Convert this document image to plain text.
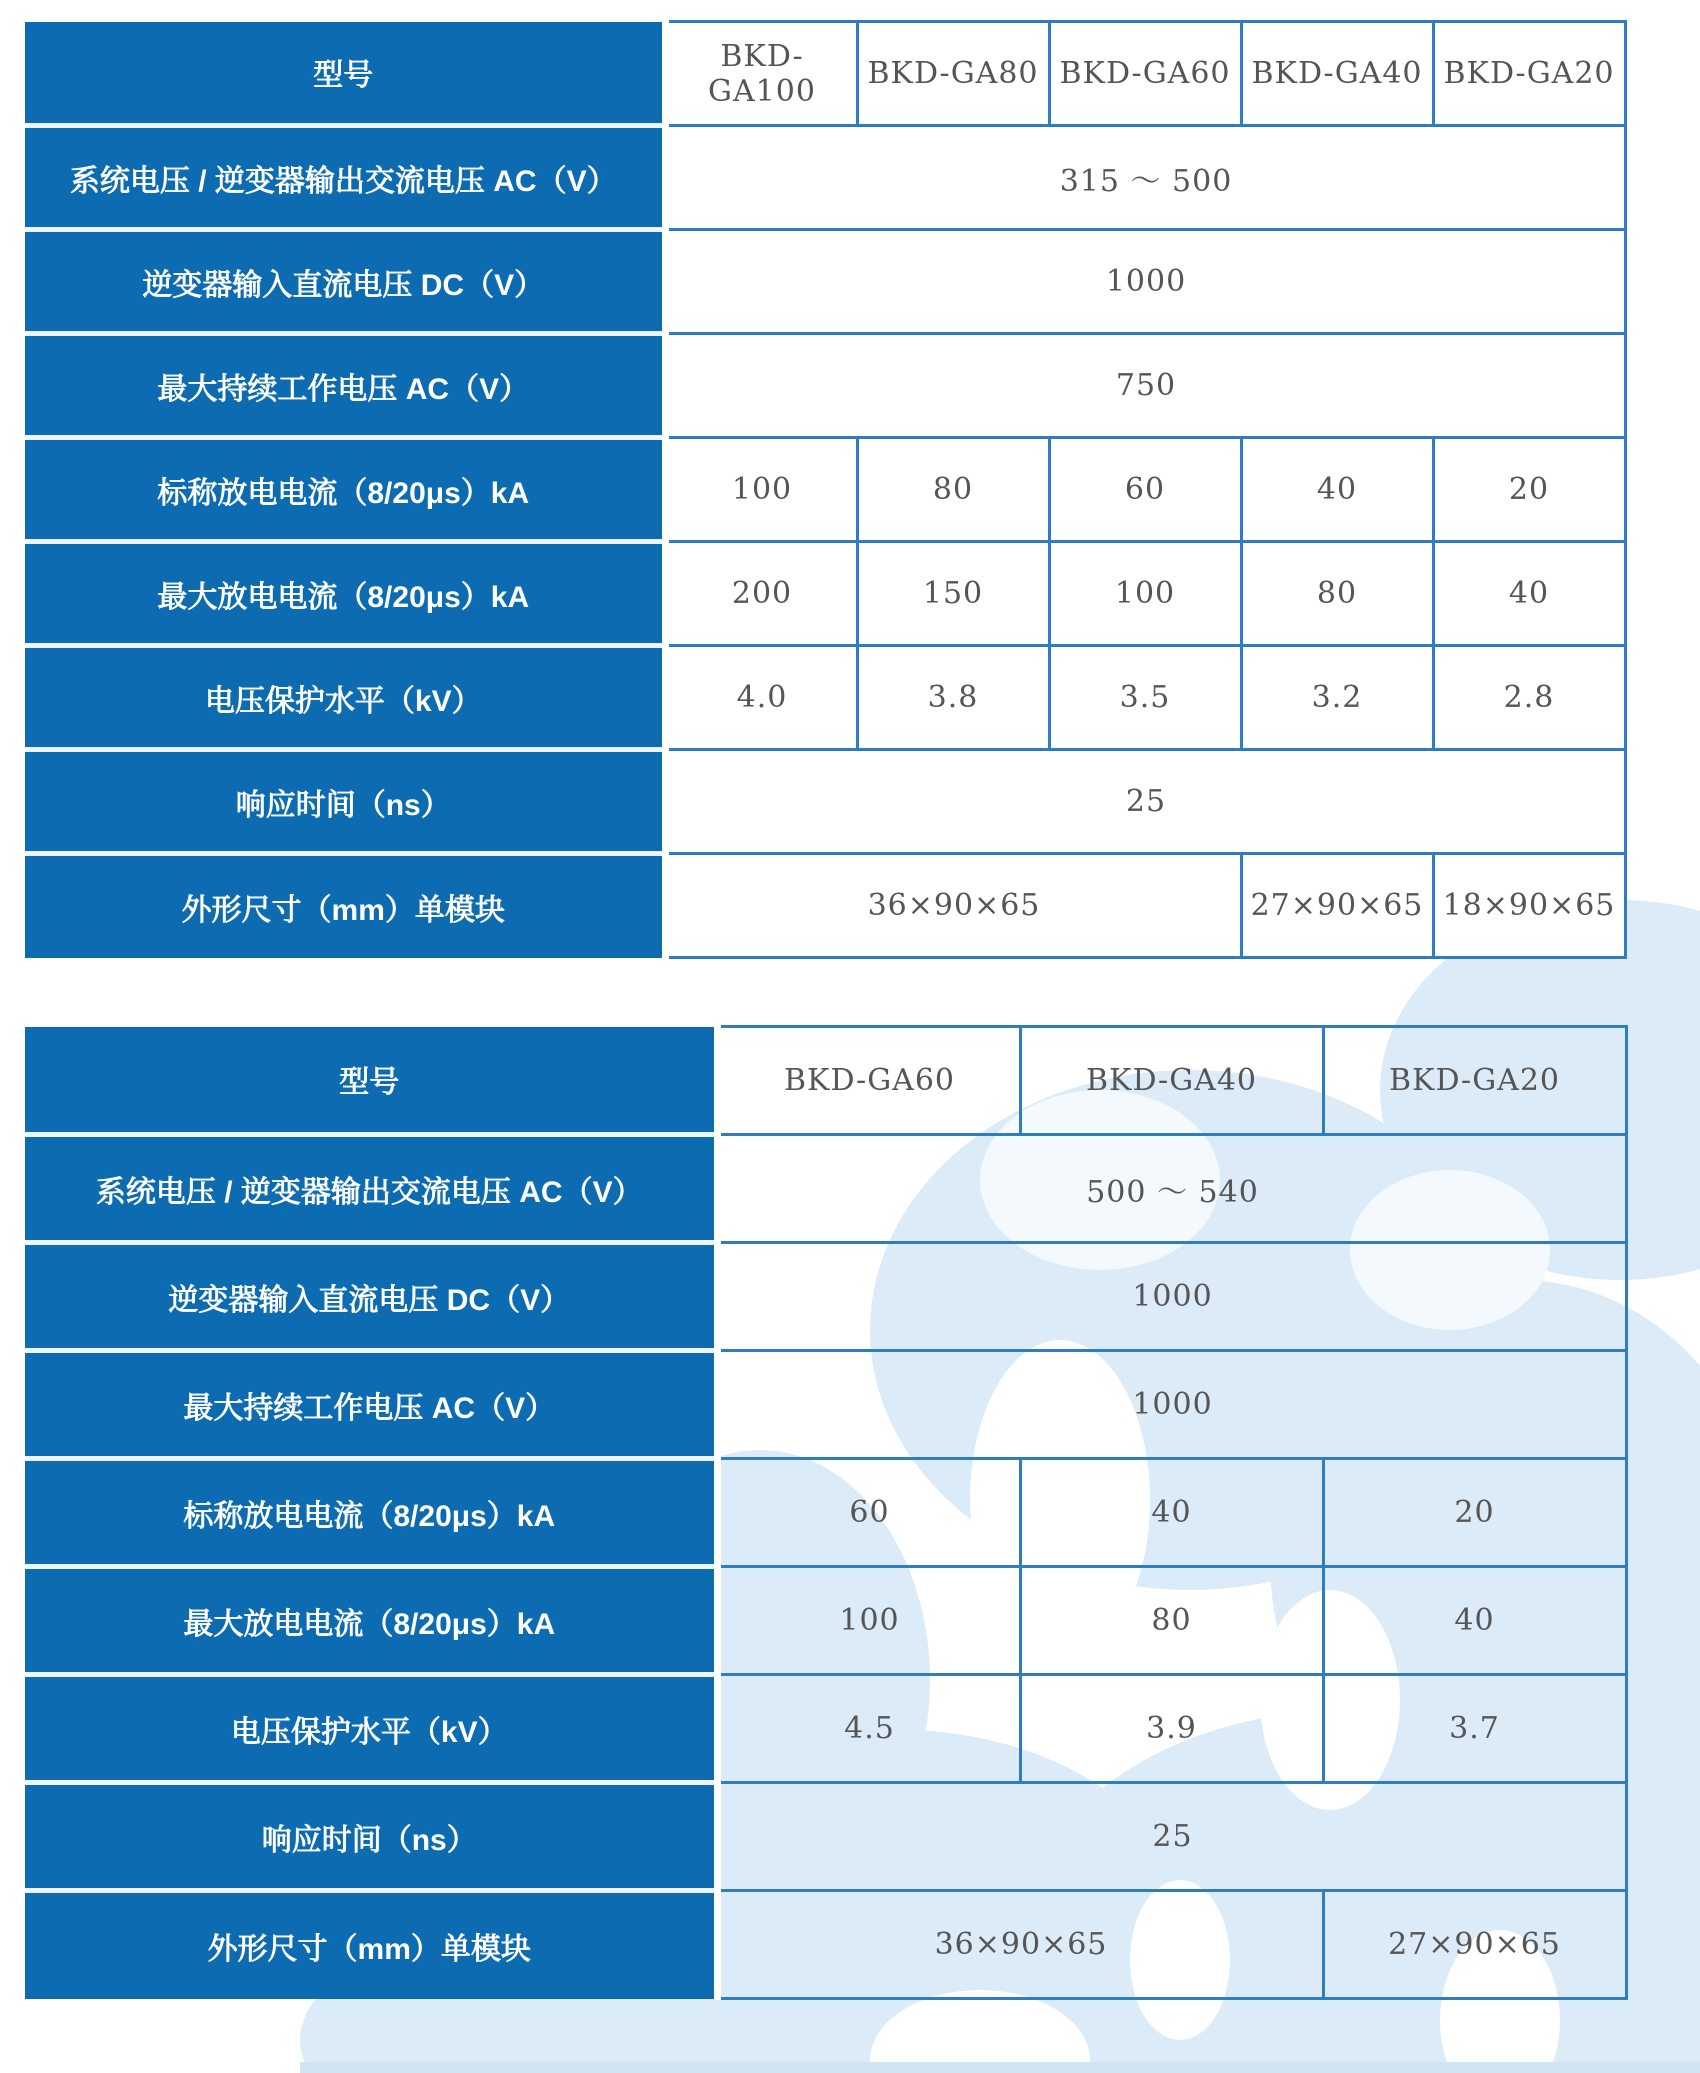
型号	BKD-GA100	BKD-GA80	BKD-GA60	BKD-GA40	BKD-GA20
系统电压 / 逆变器输出交流电压 AC（V）	315 ～ 500				
逆变器输入直流电压 DC（V）	1000				
最大持续工作电压 AC（V）	750				
标称放电电流（8/20μs）kA	100	80	60	40	20
最大放电电流（8/20μs）kA	200	150	100	80	40
电压保护水平（kV）	4.0	3.8	3.5	3.2	2.8
响应时间（ns）	25				
外形尺寸（mm）单模块	36×90×65			27×90×65	18×90×65
型号	BKD-GA60	BKD-GA40	BKD-GA20
系统电压 / 逆变器输出交流电压 AC（V）	500 ～ 540		
逆变器输入直流电压 DC（V）	1000		
最大持续工作电压 AC（V）	1000		
标称放电电流（8/20μs）kA	60	40	20
最大放电电流（8/20μs）kA	100	80	40
电压保护水平（kV）	4.5	3.9	3.7
响应时间（ns）	25		
外形尺寸（mm）单模块	36×90×65		27×90×65
